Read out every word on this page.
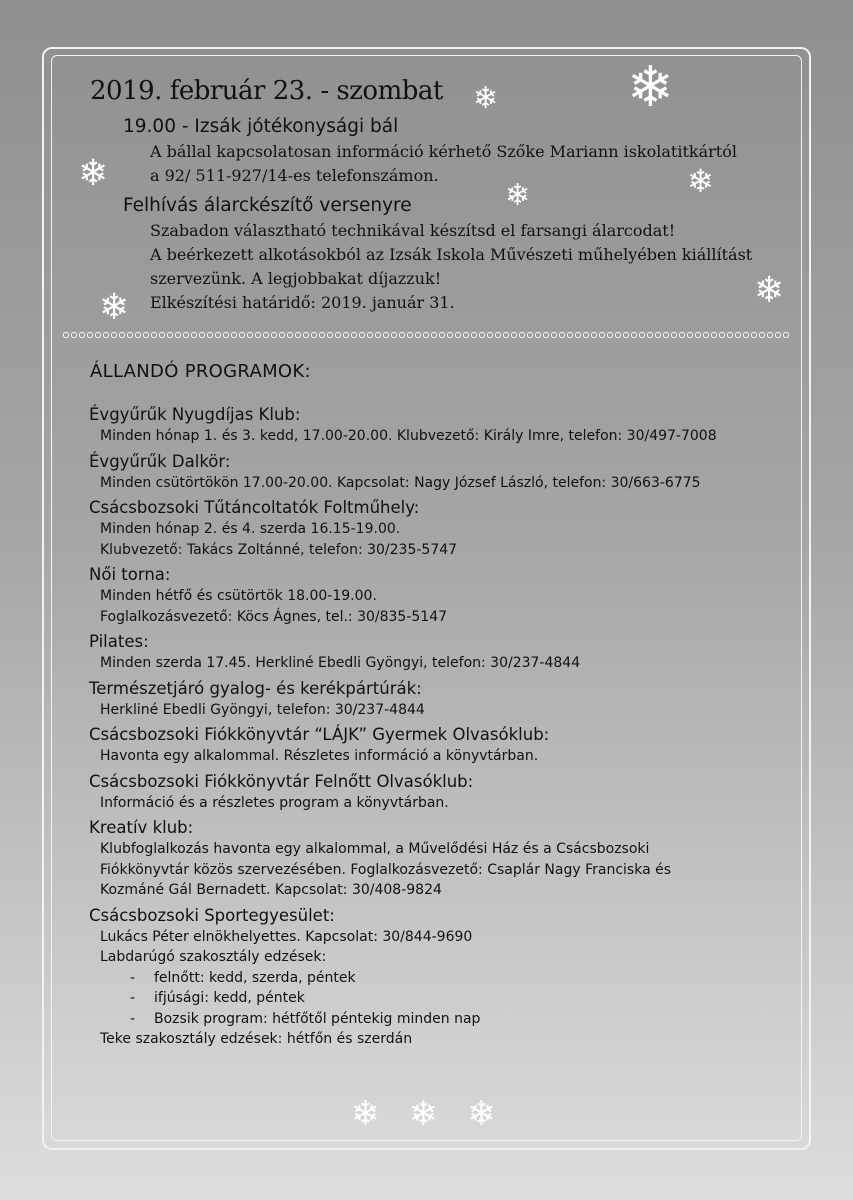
❄
❄
❄
❄	❄
❄
❄
❄ ❄ ❄
2019. február 23. - szombat
19.00 - Izsák jótékonysági bál
A bállal kapcsolatosan információ kérhető Szőke Mariann iskolatitkártól
a 92/ 511-927/14-es telefonszámon.
Felhívás álarckészítő versenyre
Szabadon választható technikával készítsd el farsangi álarcodat!
A beérkezett alkotásokból az Izsák Iskola Művészeti műhelyében kiállítást
szervezünk. A legjobbakat díjazzuk!
Elkészítési határidő: 2019. január 31.
ÁLLANDÓ PROGRAMOK:
Évgyűrűk Nyugdíjas Klub:
Minden hónap 1. és 3. kedd, 17.00-20.00. Klubvezető: Király Imre, telefon: 30/497-7008
Évgyűrűk Dalkör:
Minden csütörtökön 17.00-20.00. Kapcsolat: Nagy József László, telefon: 30/663-6775
Csácsbozsoki Tűtáncoltatók Foltműhely:
Minden hónap 2. és 4. szerda 16.15-19.00.
Klubvezető: Takács Zoltánné, telefon: 30/235-5747
Női torna:
Minden hétfő és csütörtök 18.00-19.00.
Foglalkozásvezető: Köcs Ágnes, tel.: 30/835-5147
Pilates:
Minden szerda 17.45. Herkliné Ebedli Gyöngyi, telefon: 30/237-4844
Természetjáró gyalog- és kerékpártúrák:
Herkliné Ebedli Gyöngyi, telefon: 30/237-4844
Csácsbozsoki Fiókkönyvtár “LÁJK” Gyermek Olvasóklub:
Havonta egy alkalommal. Részletes információ a könyvtárban.
Csácsbozsoki Fiókkönyvtár Felnőtt Olvasóklub:
Információ és a részletes program a könyvtárban.
Kreatív klub:
Klubfoglalkozás havonta egy alkalommal, a Művelődési Ház és a Csácsbozsoki
Fiókkönyvtár közös szervezésében. Foglalkozásvezető: Csaplár Nagy Franciska és
Kozmáné Gál Bernadett. Kapcsolat: 30/408-9824
Csácsbozsoki Sportegyesület:
Lukács Péter elnökhelyettes. Kapcsolat: 30/844-9690
Labdarúgó szakosztály edzések:
- felnőtt: kedd, szerda, péntek
- ifjúsági: kedd, péntek
- Bozsik program: hétfőtől péntekig minden nap
Teke szakosztály edzések: hétfőn és szerdán
